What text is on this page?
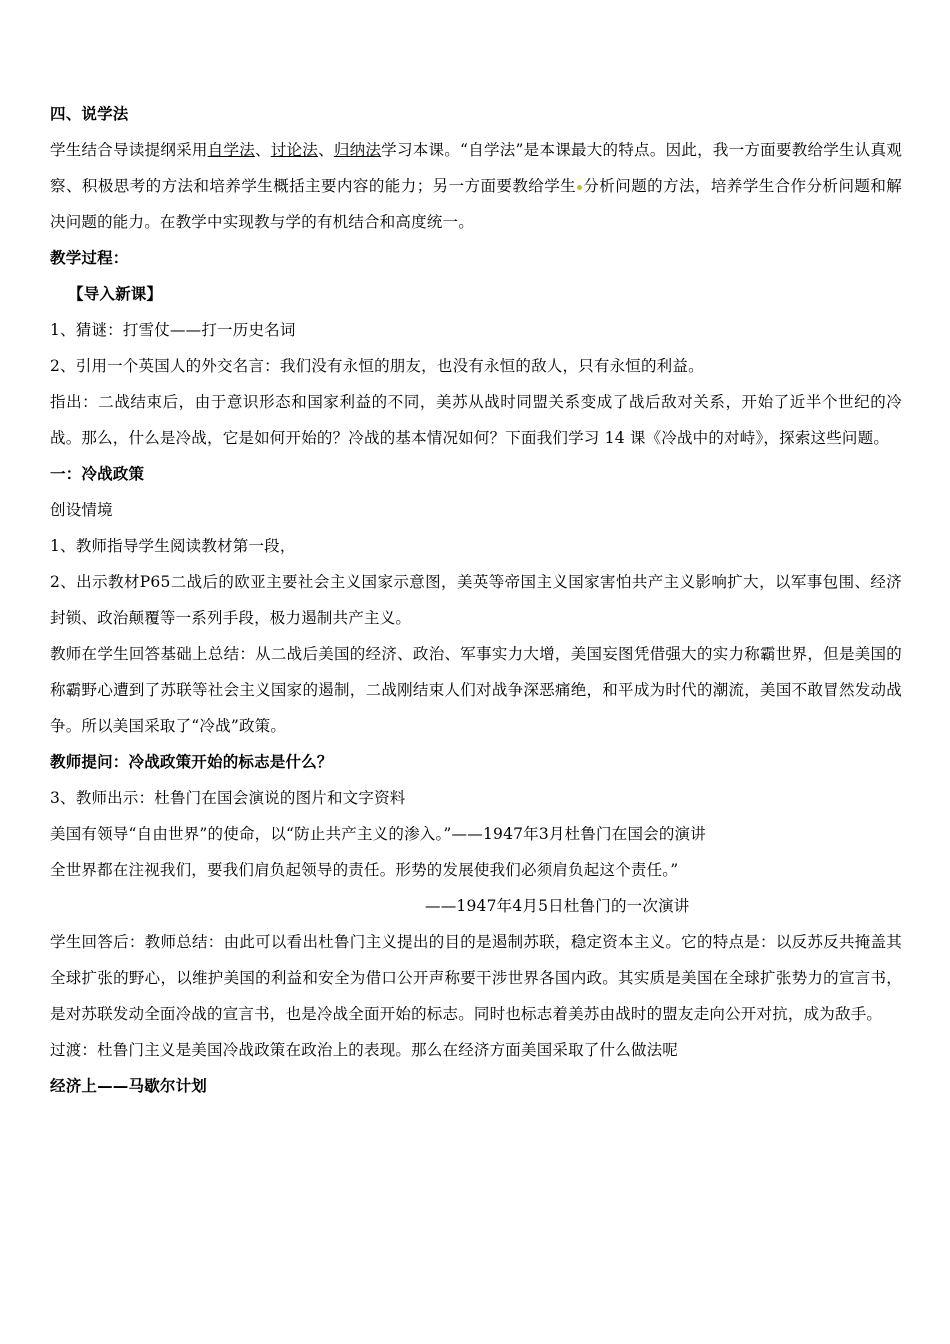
四、说学法

学生结合导读提纲采用自学法、讨论法、归纳法学习本课。“自学法”是本课最大的特点。因此，我一方面要教给学生认真观察、积极思考的方法和培养学生概括主要内容的能力；另一方面要教给学生 分析问题的方法，培养学生合作分析问题和解决问题的能力。在教学中实现教与学的有机结合和高度统一。

教学过程：

【导入新课】

1、猜谜：打雪仗——打一历史名词

2、引用一个英国人的外交名言：我们没有永恒的朋友，也没有永恒的敌人，只有永恒的利益。

指出：二战结束后，由于意识形态和国家利益的不同，美苏从战时同盟关系变成了战后敌对关系，开始了近半个世纪的冷战。那么，什么是冷战，它是如何开始的？冷战的基本情况如何？下面我们学习 14 课《冷战中的对峙》，探索这些问题。

一：冷战政策

创设情境

1、教师指导学生阅读教材第一段，

2、出示教材P65二战后的欧亚主要社会主义国家示意图，美英等帝国主义国家害怕共产主义影响扩大，以军事包围、经济封锁、政治颠覆等一系列手段，极力遏制共产主义。

教师在学生回答基础上总结：从二战后美国的经济、政治、军事实力大增，美国妄图凭借强大的实力称霸世界，但是美国的称霸野心遭到了苏联等社会主义国家的遏制，二战刚结束人们对战争深恶痛绝，和平成为时代的潮流，美国不敢冒然发动战争。所以美国采取了“冷战”政策。

教师提问：冷战政策开始的标志是什么？

3、教师出示：杜鲁门在国会演说的图片和文字资料

美国有领导“自由世界”的使命，以“防止共产主义的渗入。”——1947年3月杜鲁门在国会的演讲

全世界都在注视我们，要我们肩负起领导的责任。形势的发展使我们必须肩负起这个责任。”

——1947年4月5日杜鲁门的一次演讲

学生回答后：教师总结：由此可以看出杜鲁门主义提出的目的是遏制苏联，稳定资本主义。它的特点是：以反苏反共掩盖其全球扩张的野心，以维护美国的利益和安全为借口公开声称要干涉世界各国内政。其实质是美国在全球扩张势力的宣言书，是对苏联发动全面冷战的宣言书，也是冷战全面开始的标志。同时也标志着美苏由战时的盟友走向公开对抗，成为敌手。

过渡：杜鲁门主义是美国冷战政策在政治上的表现。那么在经济方面美国采取了什么做法呢

经济上——马歇尔计划
